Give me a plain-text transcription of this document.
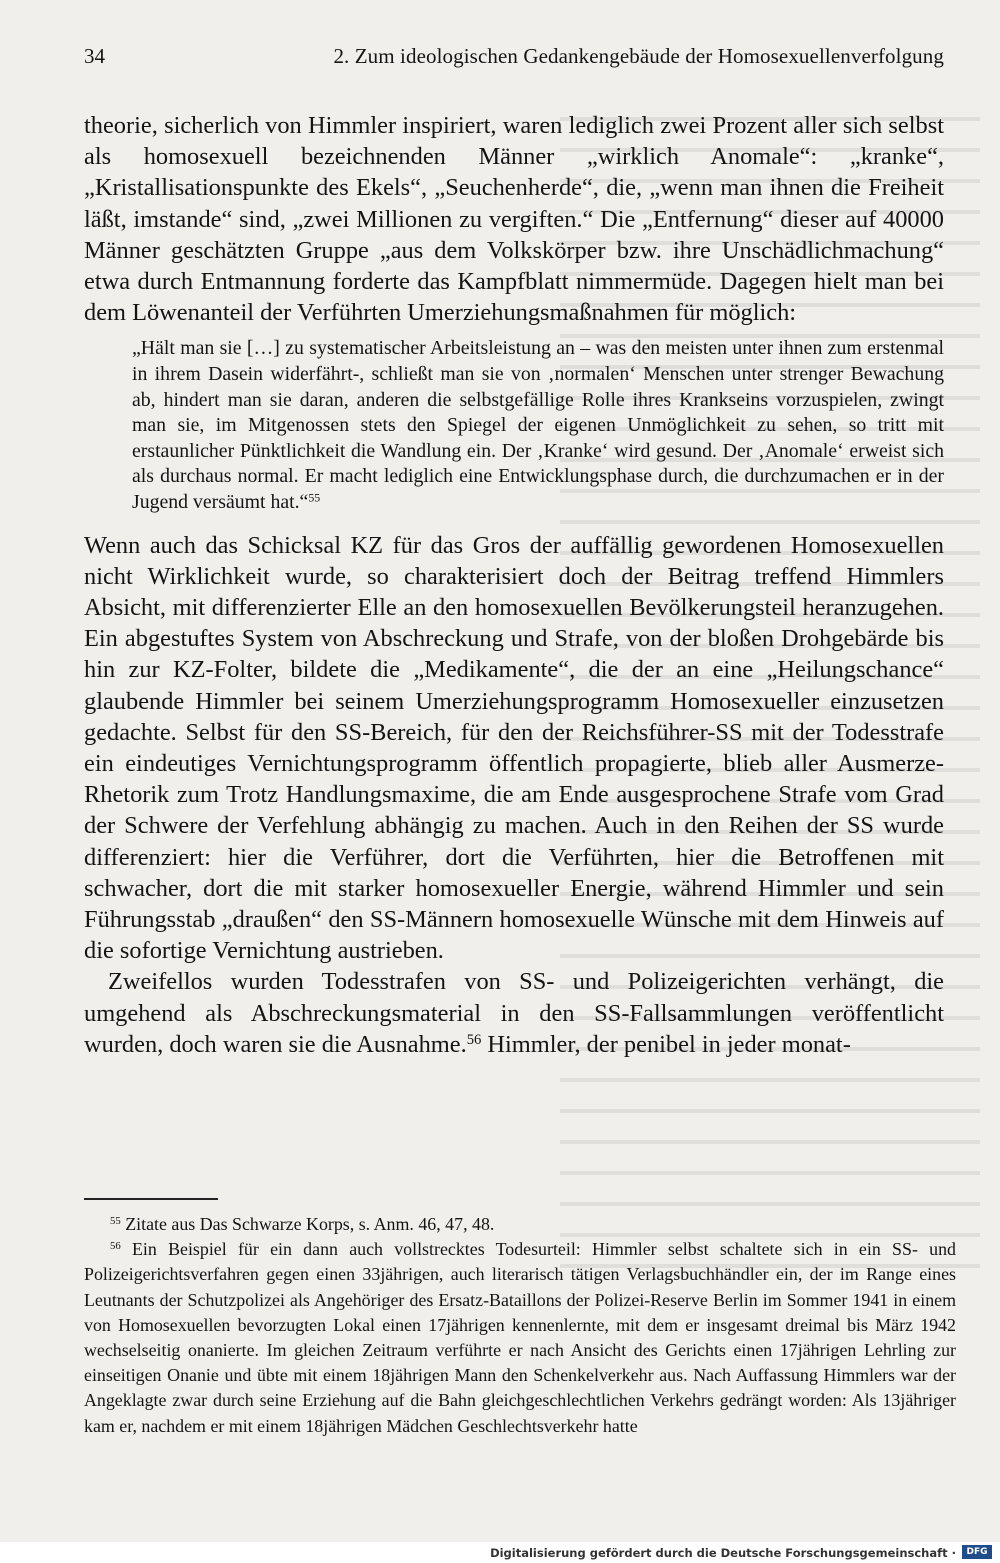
34	2. Zum ideologischen Gedankengebäude der Homosexuellenverfolgung

theorie, sicherlich von Himmler inspiriert, waren lediglich zwei Prozent aller sich selbst als homosexuell bezeichnenden Männer „wirklich Anomale“: „kranke“, „Kristallisationspunkte des Ekels“, „Seuchenherde“, die, „wenn man ihnen die Freiheit läßt, imstande“ sind, „zwei Millionen zu vergiften.“ Die „Entfernung“ dieser auf 40000 Männer geschätzten Gruppe „aus dem Volkskörper bzw. ihre Unschädlichmachung“ etwa durch Entmannung forderte das Kampfblatt nimmermüde. Dagegen hielt man bei dem Löwenanteil der Verführten Umerziehungsmaßnahmen für möglich:

„Hält man sie […] zu systematischer Arbeitsleistung an – was den meisten unter ihnen zum erstenmal in ihrem Dasein widerfährt-, schließt man sie von ‚normalen‘ Menschen unter strenger Bewachung ab, hindert man sie daran, anderen die selbstgefällige Rolle ihres Krankseins vorzuspielen, zwingt man sie, im Mitgenossen stets den Spiegel der eigenen Unmöglichkeit zu sehen, so tritt mit erstaunlicher Pünktlichkeit die Wandlung ein. Der ‚Kranke‘ wird gesund. Der ‚Anomale‘ erweist sich als durchaus normal. Er macht lediglich eine Entwicklungsphase durch, die durchzumachen er in der Jugend versäumt hat.“$^{55}$

Wenn auch das Schicksal KZ für das Gros der auffällig gewordenen Homosexuellen nicht Wirklichkeit wurde, so charakterisiert doch der Beitrag treffend Himmlers Absicht, mit differenzierter Elle an den homosexuellen Bevölkerungsteil heranzugehen. Ein abgestuftes System von Abschreckung und Strafe, von der bloßen Drohgebärde bis hin zur KZ-Folter, bildete die „Medikamente“, die der an eine „Heilungschance“ glaubende Himmler bei seinem Umerziehungsprogramm Homosexueller einzusetzen gedachte. Selbst für den SS-Bereich, für den der Reichsführer-SS mit der Todesstrafe ein eindeutiges Vernichtungsprogramm öffentlich propagierte, blieb aller Ausmerze-Rhetorik zum Trotz Handlungsmaxime, die am Ende ausgesprochene Strafe vom Grad der Schwere der Verfehlung abhängig zu machen. Auch in den Reihen der SS wurde differenziert: hier die Verführer, dort die Verführten, hier die Betroffenen mit schwacher, dort die mit starker homosexueller Energie, während Himmler und sein Führungsstab „draußen“ den SS-Männern homosexuelle Wünsche mit dem Hinweis auf die sofortige Vernichtung austrieben.

Zweifellos wurden Todesstrafen von SS- und Polizeigerichten verhängt, die umgehend als Abschreckungsmaterial in den SS-Fallsammlungen veröffentlicht wurden, doch waren sie die Ausnahme.$^{56}$ Himmler, der penibel in jeder monat-

$^{55}$ Zitate aus Das Schwarze Korps, s. Anm. 46, 47, 48.

$^{56}$ Ein Beispiel für ein dann auch vollstrecktes Todesurteil: Himmler selbst schaltete sich in ein SS- und Polizeigerichtsverfahren gegen einen 33jährigen, auch literarisch tätigen Verlagsbuchhändler ein, der im Range eines Leutnants der Schutzpolizei als Angehöriger des Ersatz-Bataillons der Polizei-Reserve Berlin im Sommer 1941 in einem von Homosexuellen bevorzugten Lokal einen 17jährigen kennenlernte, mit dem er insgesamt dreimal bis März 1942 wechselseitig onanierte. Im gleichen Zeitraum verführte er nach Ansicht des Gerichts einen 17jährigen Lehrling zur einseitigen Onanie und übte mit einem 18jährigen Mann den Schenkelverkehr aus. Nach Auffassung Himmlers war der Angeklagte zwar durch seine Erziehung auf die Bahn gleichgeschlechtlichen Verkehrs gedrängt worden: Als 13jähriger kam er, nachdem er mit einem 18jährigen Mädchen Geschlechtsverkehr hatte

Digitalisierung gefördert durch die Deutsche Forschungsgemeinschaft ·	DFG
